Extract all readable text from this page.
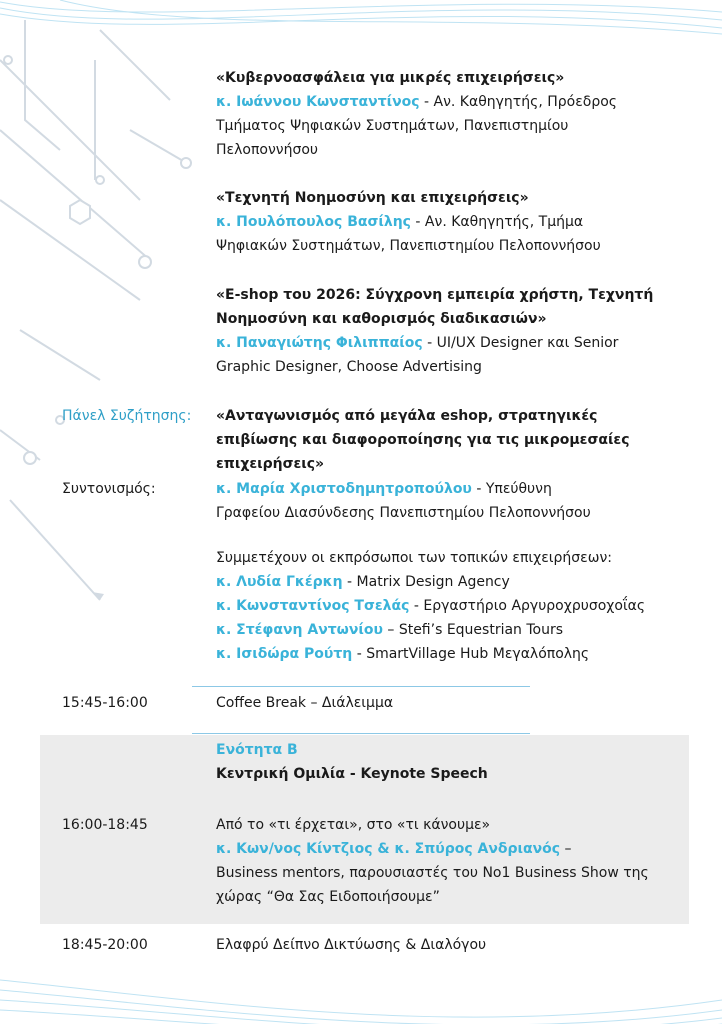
«Κυβερνοασφάλεια για μικρές επιχειρήσεις»
κ. Ιωάννου Κωνσταντίνος - Αν. Καθηγητής, Πρόεδρος
Τμήματος Ψηφιακών Συστημάτων, Πανεπιστημίου
Πελοποννήσου
«Τεχνητή Νοημοσύνη και επιχειρήσεις»
κ. Πουλόπουλος Βασίλης - Αν. Καθηγητής, Τμήμα
Ψηφιακών Συστημάτων, Πανεπιστημίου Πελοποννήσου
«E-shop του 2026: Σύγχρονη εμπειρία χρήστη, Τεχνητή
Νοημοσύνη και καθορισμός διαδικασιών»
κ. Παναγιώτης Φιλιππαίος - UI/UX Designer και Senior
Graphic Designer, Choose Advertising
Πάνελ Συζήτησης: «Ανταγωνισμός από μεγάλα eshop, στρατηγικές
επιβίωσης και διαφοροποίησης για τις μικρομεσαίες
επιχειρήσεις»
Συντονισμός:	κ. Μαρία Χριστοδημητροπούλου - Υπεύθυνη
Γραφείου Διασύνδεσης Πανεπιστημίου Πελοποννήσου
Συμμετέχουν οι εκπρόσωποι των τοπικών επιχειρήσεων:
κ. Λυδία Γκέρκη - Matrix Design Agency
κ. Κωνσταντίνος Τσελάς - Εργαστήριο Αργυροχρυσοχοΐας
κ. Στέφανη Αντωνίου – Stefi’s Equestrian Tours
κ. Ισιδώρα Ρούτη - SmartVillage Hub Μεγαλόπολης
15:45-16:00	Coffee Break – Διάλειμμα
Ενότητα Β
Κεντρική Ομιλία - Keynote Speech
16:00-18:45	Από το «τι έρχεται», στο «τι κάνουμε»
κ. Κων/νος Κίντζιος & κ. Σπύρος Ανδριανός –
Business mentors, παρουσιαστές του Νο1 Business Show της
χώρας “Θα Σας Ειδοποιήσουμε”
18:45-20:00	Ελαφρύ Δείπνο Δικτύωσης & Διαλόγου
